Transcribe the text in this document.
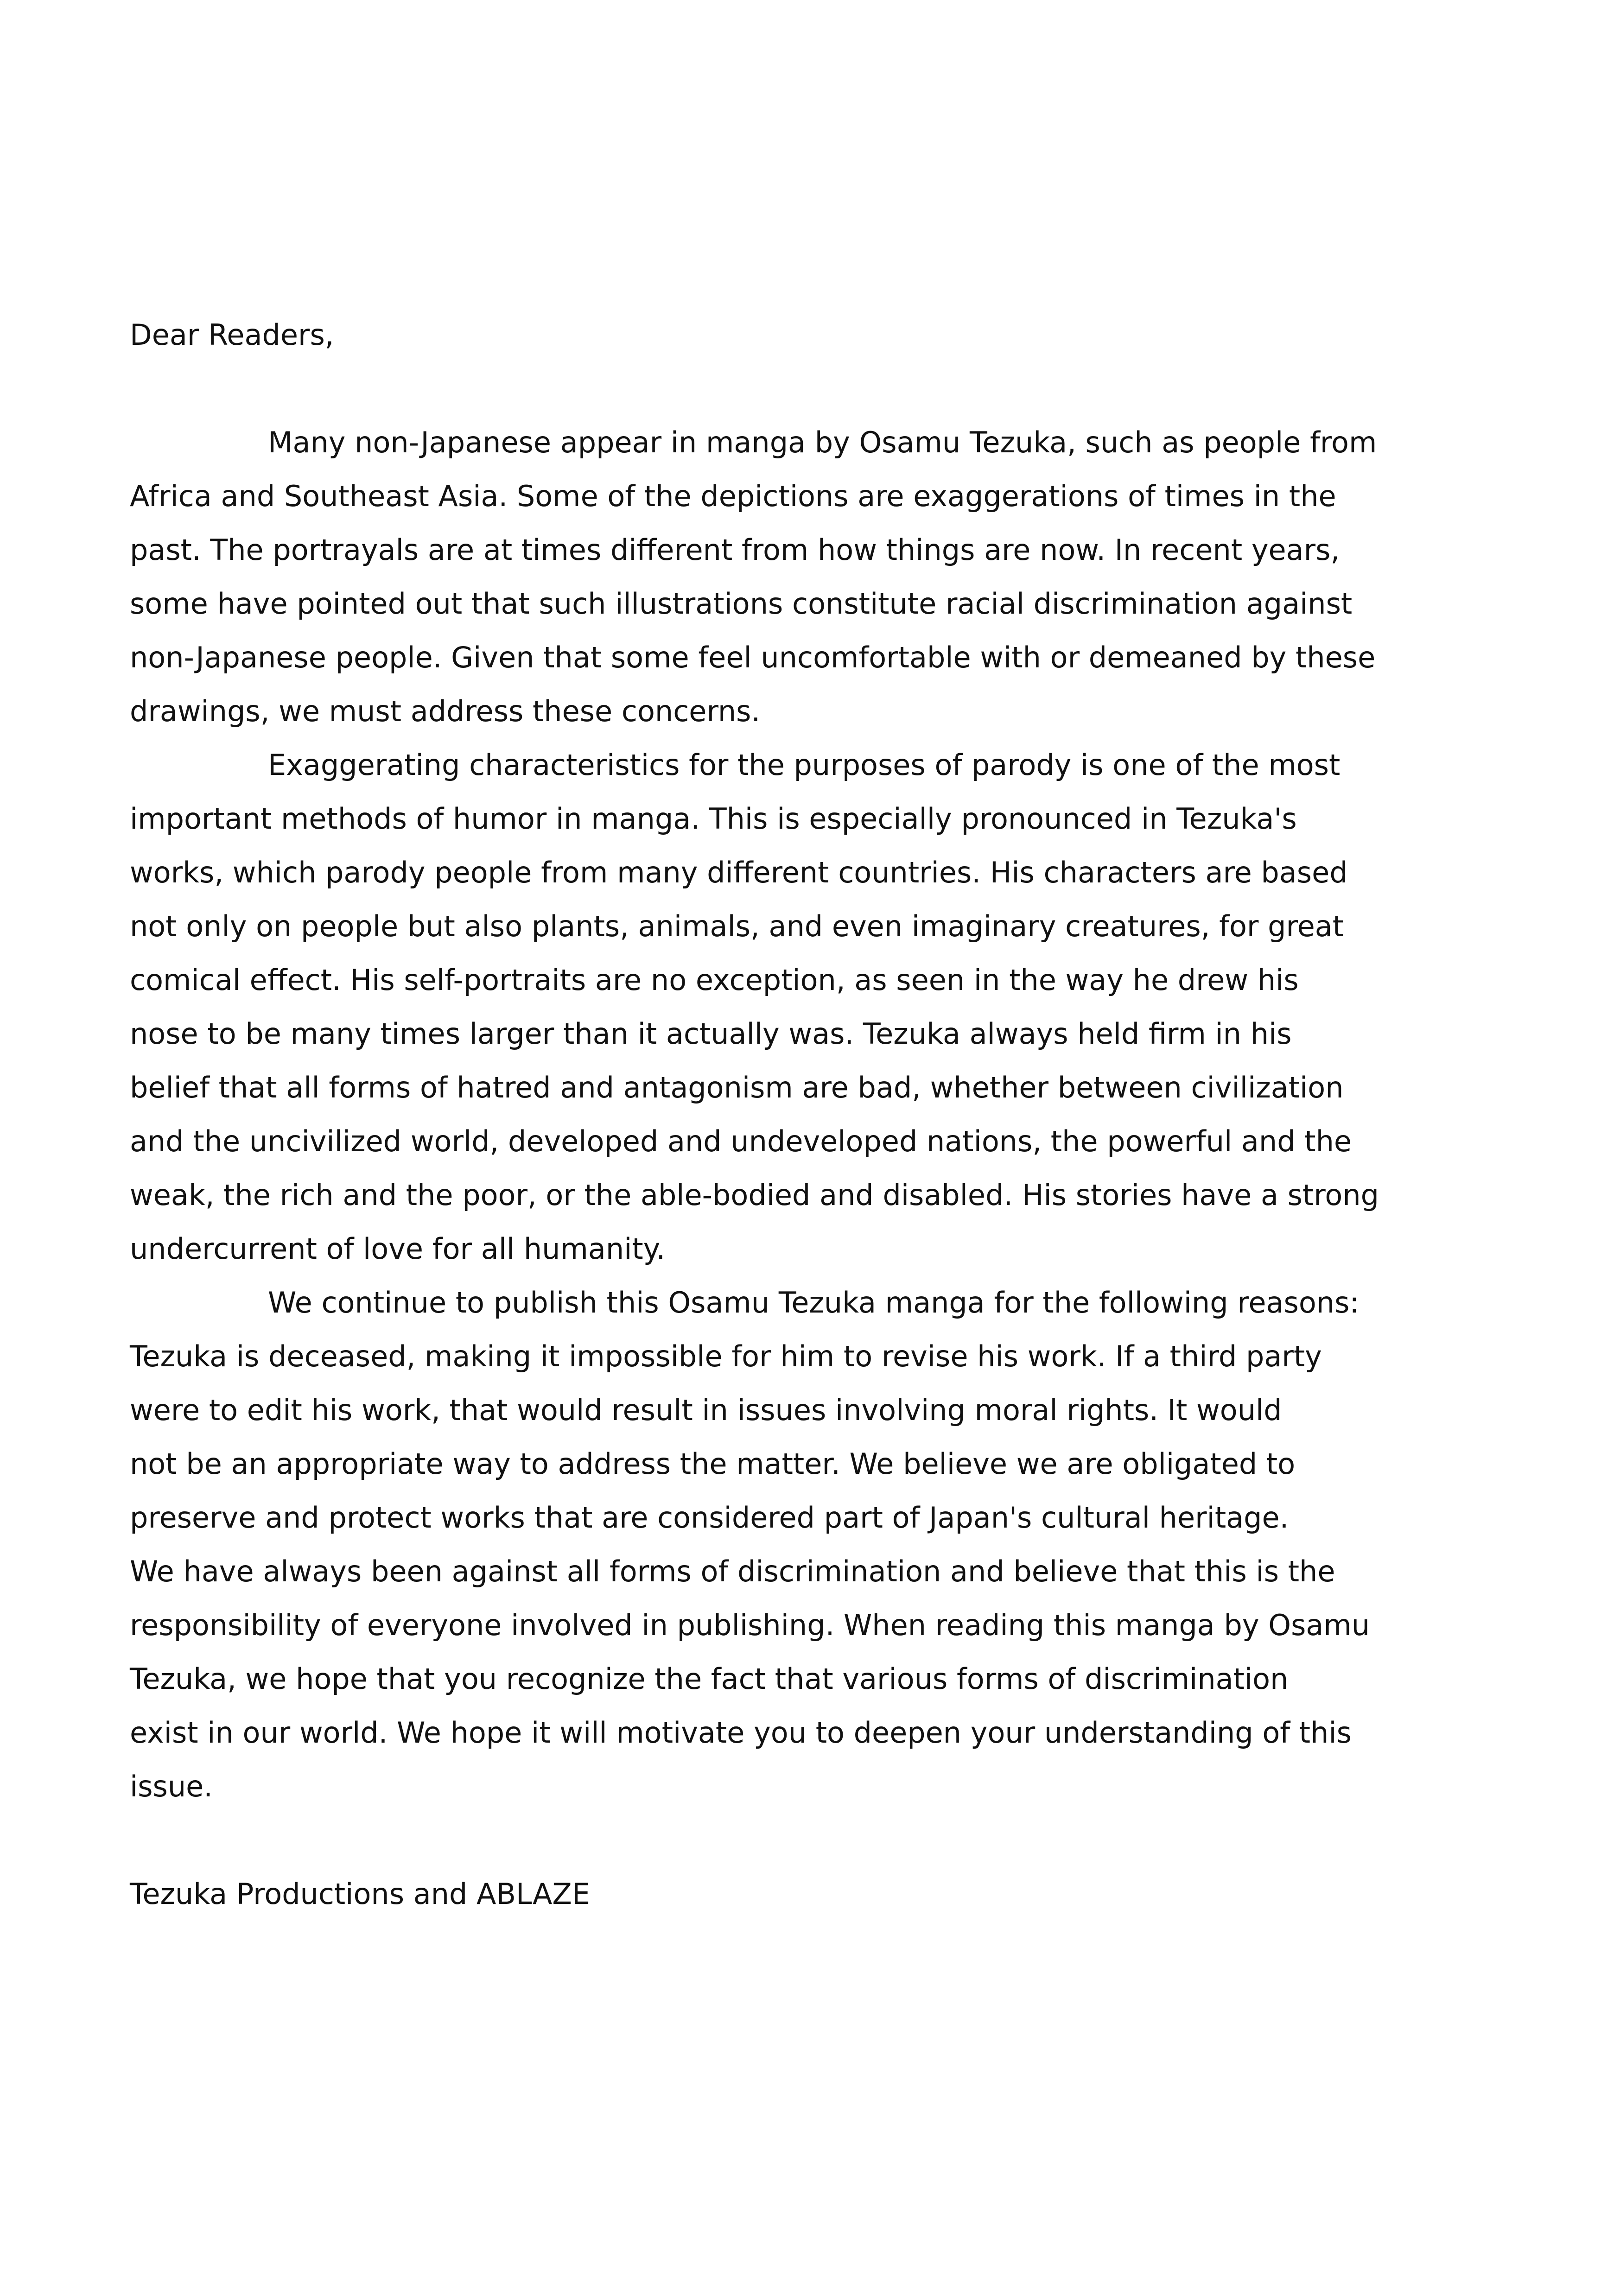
Dear Readers,
Many non-Japanese appear in manga by Osamu Tezuka, such as people from
Africa and Southeast Asia. Some of the depictions are exaggerations of times in the
past. The portrayals are at times different from how things are now. In recent years,
some have pointed out that such illustrations constitute racial discrimination against
non-Japanese people. Given that some feel uncomfortable with or demeaned by these
drawings, we must address these concerns.
Exaggerating characteristics for the purposes of parody is one of the most
important methods of humor in manga. This is especially pronounced in Tezuka's
works, which parody people from many different countries. His characters are based
not only on people but also plants, animals, and even imaginary creatures, for great
comical effect. His self-portraits are no exception, as seen in the way he drew his
nose to be many times larger than it actually was. Tezuka always held firm in his
belief that all forms of hatred and antagonism are bad, whether between civilization
and the uncivilized world, developed and undeveloped nations, the powerful and the
weak, the rich and the poor, or the able-bodied and disabled. His stories have a strong
undercurrent of love for all humanity.
We continue to publish this Osamu Tezuka manga for the following reasons:
Tezuka is deceased, making it impossible for him to revise his work. If a third party
were to edit his work, that would result in issues involving moral rights. It would
not be an appropriate way to address the matter. We believe we are obligated to
preserve and protect works that are considered part of Japan's cultural heritage.
We have always been against all forms of discrimination and believe that this is the
responsibility of everyone involved in publishing. When reading this manga by Osamu
Tezuka, we hope that you recognize the fact that various forms of discrimination
exist in our world. We hope it will motivate you to deepen your understanding of this
issue.
Tezuka Productions and ABLAZE
